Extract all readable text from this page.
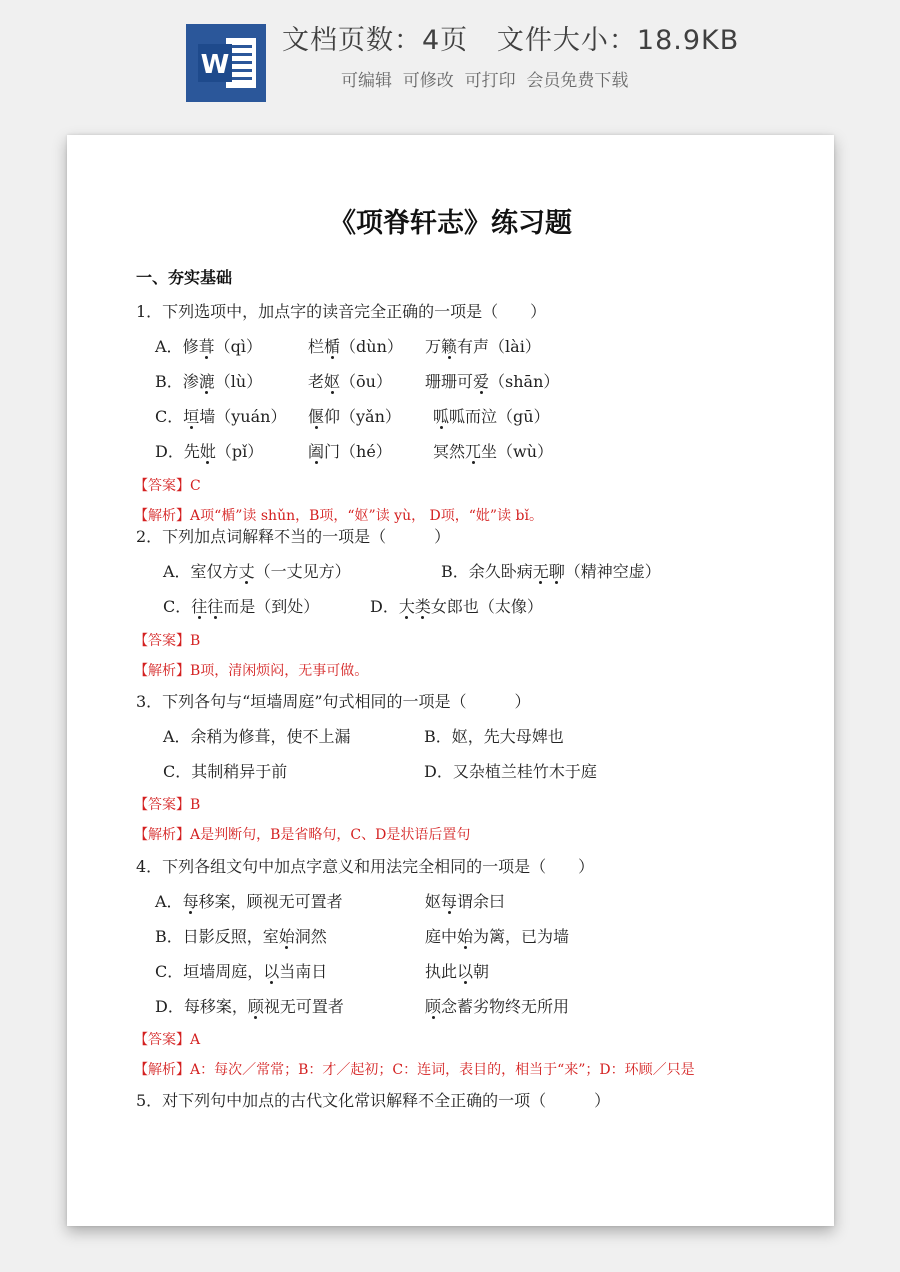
W
文档页数：4页   文件大小：18.9KB
可编辑  可修改  可打印  会员免费下载
《项脊轩志》练习题
一、夯实基础
1．下列选项中，加点字的读音完全正确的一项是（　　）
A．修葺（qì）	栏楯（dùn） 万籁有声（lài）
B．渗漉（lù）	老妪（ōu） 珊珊可爱（shān）
C．垣墙（yuán） 偃仰（yǎn） 呱呱而泣（gū）
D．先妣（pǐ）	阖门（hé）	冥然兀坐（wù）
【答案】C
【解析】A项“楯”读 shǔn，B项，“妪”读 yù， D项，“妣”读 bǐ。
2．下列加点词解释不当的一项是（　　　）
A．室仅方丈（一丈见方）	B．余久卧病无聊（精神空虚）
C．往往而是（到处）	D．大类女郎也（太像）
【答案】B
【解析】B项，清闲烦闷，无事可做。
3．下列各句与“垣墙周庭”句式相同的一项是（　　　）
A．余稍为修葺，使不上漏	B．妪，先大母婢也
C．其制稍异于前	D．又杂植兰桂竹木于庭
【答案】B
【解析】A是判断句，B是省略句，C、D是状语后置句
4．下列各组文句中加点字意义和用法完全相同的一项是（　　）
A．每移案，顾视无可置者	妪每谓余曰
B．日影反照，室始洞然	庭中始为篱，已为墙
C．垣墙周庭，以当南日	执此以朝
D．每移案，顾视无可置者	顾念蓄劣物终无所用
【答案】A
【解析】A：每次／常常；B：才／起初；C：连词，表目的，相当于“来”；D：环顾／只是
5．对下列句中加点的古代文化常识解释不全正确的一项（　　　）
